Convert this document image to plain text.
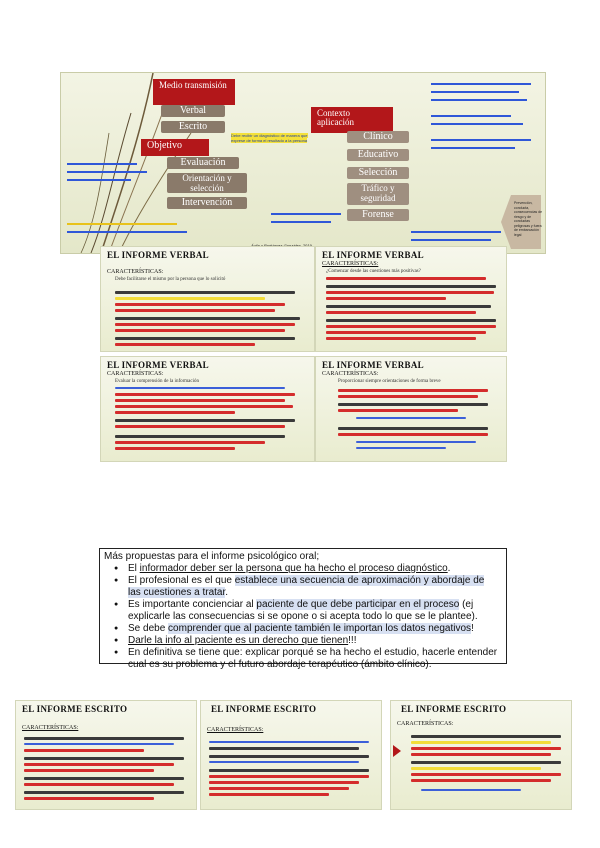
Medio transmisión
Verbal
Escrito
Objetivo
Evaluación
Orientación y selección
Intervención
Contexto aplicación
Clínico
Educativo
Selección
Tráfico y seguridad
Forense
Prevención, conducta, consecuencias de riesgo y de conductas peligrosas y fuera de embarcación legal
Debe recibir un diagnóstico de manera que exprese de forma el resultado a la persona
EL INFORME VERBAL
CARACTERÍSTICAS:
Debe facilitarse el mismo por la persona que lo solicitó
EL INFORME VERBAL
CARACTERÍSTICAS:
¿Comenzar desde las cuestiones más positivas?
EL INFORME VERBAL
CARACTERÍSTICAS:
Evaluar la comprensión de la información
EL INFORME VERBAL
CARACTERÍSTICAS:
Proporcionar siempre orientaciones de forma breve
Más propuestas para el informe psicológico oral;
● El informador deber ser la persona que ha hecho el proceso diagnóstico.
● El profesional es el que establece una secuencia de aproximación y abordaje de las cuestiones a tratar.
● Es importante concienciar al paciente de que debe participar en el proceso (ej explicarle las consecuencias si se opone o si acepta todo lo que se le plantee).
● Se debe comprender que al paciente también le importan los datos negativos!
● Darle la info al paciente es un derecho que tienen!!!
● En definitiva se tiene que: explicar porqué se ha hecho el estudio, hacerle entender cual es su problema y el futuro abordaje terapéutico (ámbito clínico).
EL INFORME ESCRITO
CARACTERÍSTICAS:
EL INFORME ESCRITO
CARACTERÍSTICAS:
EL INFORME ESCRITO
CARACTERÍSTICAS:
